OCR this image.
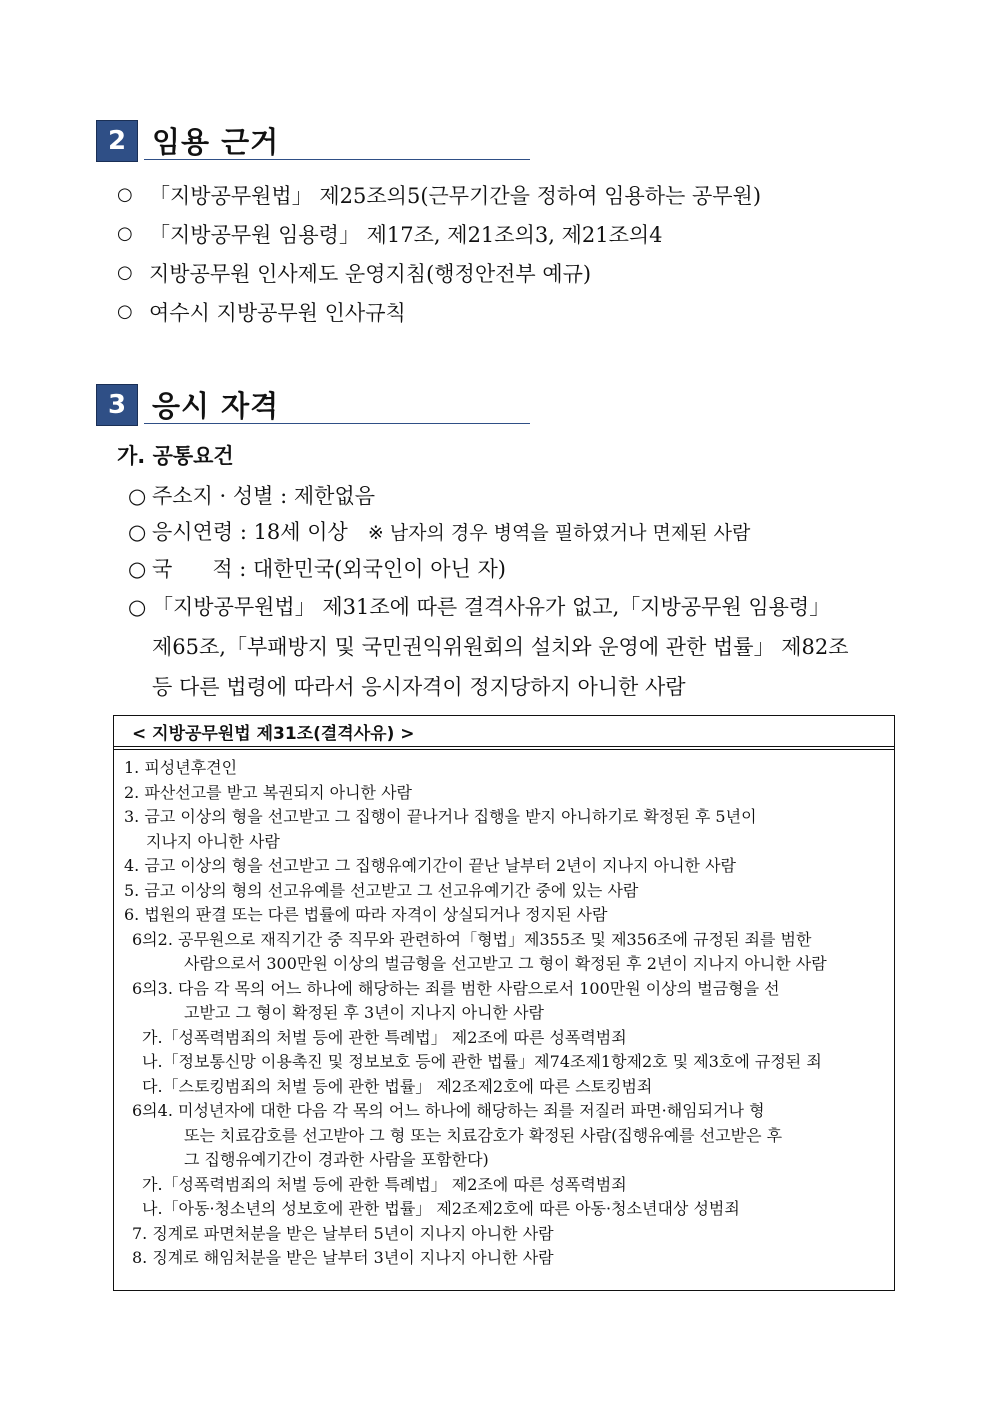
2 임용 근거
○ 「지방공무원법」 제25조의5(근무기간을 정하여 임용하는 공무원)
○ 「지방공무원 임용령」 제17조, 제21조의3, 제21조의4
○ 지방공무원 인사제도 운영지침(행정안전부 예규)
○ 여수시 지방공무원 인사규칙
3 응시 자격
가. 공통요건
○ 주소지 · 성별 : 제한없음
○ 응시연령 : 18세 이상 ※ 남자의 경우 병역을 필하였거나 면제된 사람
○ 국      적 : 대한민국(외국인이 아닌 자)
○ 「지방공무원법」 제31조에 따른 결격사유가 없고,「지방공무원 임용령」
제65조,「부패방지 및 국민권익위원회의 설치와 운영에 관한 법률」 제82조
등 다른 법령에 따라서 응시자격이 정지당하지 아니한 사람
< 지방공무원법 제31조(결격사유) >
1. 피성년후견인
2. 파산선고를 받고 복권되지 아니한 사람
3. 금고 이상의 형을 선고받고 그 집행이 끝나거나 집행을 받지 아니하기로 확정된 후 5년이
지나지 아니한 사람
4. 금고 이상의 형을 선고받고 그 집행유예기간이 끝난 날부터 2년이 지나지 아니한 사람
5. 금고 이상의 형의 선고유예를 선고받고 그 선고유예기간 중에 있는 사람
6. 법원의 판결 또는 다른 법률에 따라 자격이 상실되거나 정지된 사람
6의2. 공무원으로 재직기간 중 직무와 관련하여「형법」제355조 및 제356조에 규정된 죄를 범한
사람으로서 300만원 이상의 벌금형을 선고받고 그 형이 확정된 후 2년이 지나지 아니한 사람
6의3. 다음 각 목의 어느 하나에 해당하는 죄를 범한 사람으로서 100만원 이상의 벌금형을 선
고받고 그 형이 확정된 후 3년이 지나지 아니한 사람
가.「성폭력범죄의 처벌 등에 관한 특례법」 제2조에 따른 성폭력범죄
나.「정보통신망 이용촉진 및 정보보호 등에 관한 법률」제74조제1항제2호 및 제3호에 규정된 죄
다.「스토킹범죄의 처벌 등에 관한 법률」 제2조제2호에 따른 스토킹범죄
6의4. 미성년자에 대한 다음 각 목의 어느 하나에 해당하는 죄를 저질러 파면·해임되거나 형
또는 치료감호를 선고받아 그 형 또는 치료감호가 확정된 사람(집행유예를 선고받은 후
그 집행유예기간이 경과한 사람을 포함한다)
가.「성폭력범죄의 처벌 등에 관한 특례법」 제2조에 따른 성폭력범죄
나.「아동·청소년의 성보호에 관한 법률」 제2조제2호에 따른 아동·청소년대상 성범죄
7. 징계로 파면처분을 받은 날부터 5년이 지나지 아니한 사람
8. 징계로 해임처분을 받은 날부터 3년이 지나지 아니한 사람
